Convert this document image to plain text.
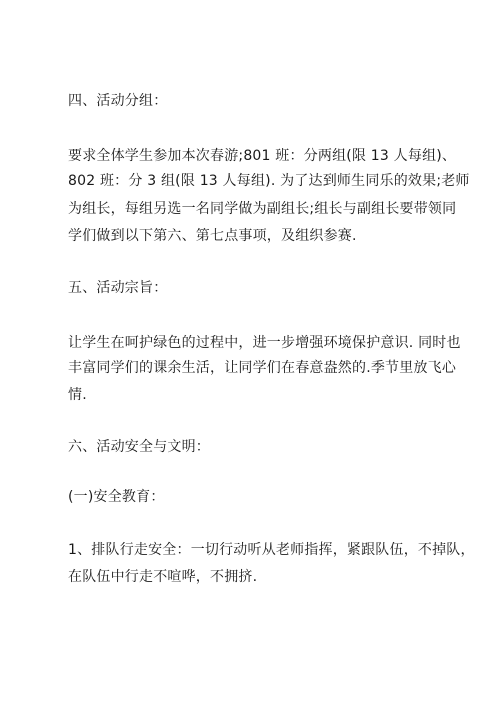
四、活动分组：
要求全体学生参加本次春游;801 班：分两组(限 13 人每组)、
802 班：分 3 组(限 13 人每组). 为了达到师生同乐的效果;老师
为组长，每组另选一名同学做为副组长;组长与副组长要带领同
学们做到以下第六、第七点事项，及组织参赛.
五、活动宗旨：
让学生在呵护绿色的过程中，进一步增强环境保护意识. 同时也
丰富同学们的课余生活，让同学们在春意盎然的.季节里放飞心
情.
六、活动安全与文明：
(一)安全教育：
1、排队行走安全：一切行动听从老师指挥，紧跟队伍，不掉队，
在队伍中行走不喧哗，不拥挤.
